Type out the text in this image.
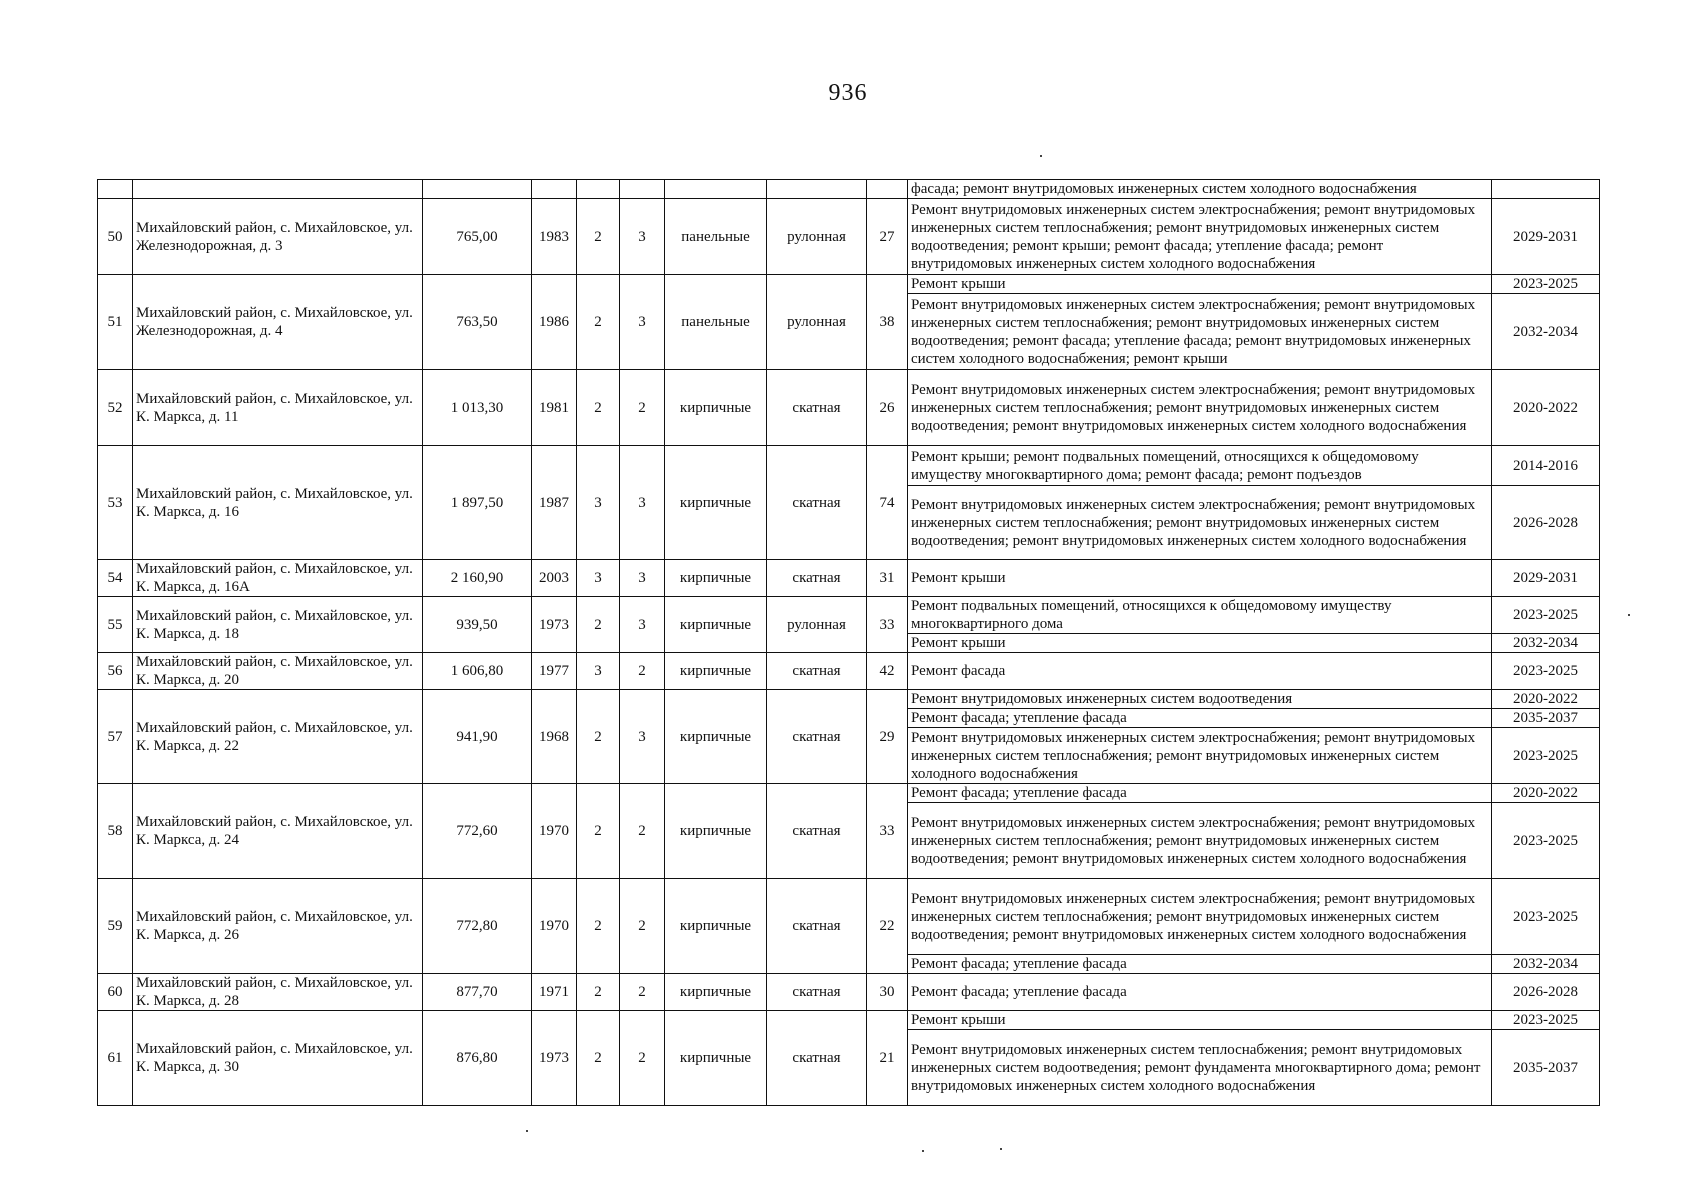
936
									фасада; ремонт внутридомовых инженерных систем холодного водоснабжения	
50	Михайловский район, с. Михайловское, ул. Железнодорожная, д. 3	765,00	1983	2	3	панельные	рулонная	27	Ремонт внутридомовых инженерных систем электроснабжения; ремонт внутридомовых инженерных систем теплоснабжения; ремонт внутридомовых инженерных систем водоотведения; ремонт крыши; ремонт фасада; утепление фасада; ремонт внутридомовых инженерных систем холодного водоснабжения	2029-2031
51	Михайловский район, с. Михайловское, ул. Железнодорожная, д. 4	763,50	1986	2	3	панельные	рулонная	38	Ремонт крыши	2023-2025
									Ремонт внутридомовых инженерных систем электроснабжения; ремонт внутридомовых инженерных систем теплоснабжения; ремонт внутридомовых инженерных систем водоотведения; ремонт фасада; утепление фасада; ремонт внутридомовых инженерных систем холодного водоснабжения; ремонт крыши	2032-2034
52	Михайловский район, с. Михайловское, ул. К. Маркса, д. 11	1 013,30	1981	2	2	кирпичные	скатная	26	Ремонт внутридомовых инженерных систем электроснабжения; ремонт внутридомовых инженерных систем теплоснабжения; ремонт внутридомовых инженерных систем водоотведения; ремонт внутридомовых инженерных систем холодного водоснабжения	2020-2022
53	Михайловский район, с. Михайловское, ул. К. Маркса, д. 16	1 897,50	1987	3	3	кирпичные	скатная	74	Ремонт крыши; ремонт подвальных помещений, относящихся к общедомовому имуществу многоквартирного дома; ремонт фасада; ремонт подъездов	2014-2016
									Ремонт внутридомовых инженерных систем электроснабжения; ремонт внутридомовых инженерных систем теплоснабжения; ремонт внутридомовых инженерных систем водоотведения; ремонт внутридомовых инженерных систем холодного водоснабжения	2026-2028
54	Михайловский район, с. Михайловское, ул. К. Маркса, д. 16А	2 160,90	2003	3	3	кирпичные	скатная	31	Ремонт крыши	2029-2031
55	Михайловский район, с. Михайловское, ул. К. Маркса, д. 18	939,50	1973	2	3	кирпичные	рулонная	33	Ремонт подвальных помещений, относящихся к общедомовому имуществу многоквартирного дома	2023-2025
									Ремонт крыши	2032-2034
56	Михайловский район, с. Михайловское, ул. К. Маркса, д. 20	1 606,80	1977	3	2	кирпичные	скатная	42	Ремонт фасада	2023-2025
57	Михайловский район, с. Михайловское, ул. К. Маркса, д. 22	941,90	1968	2	3	кирпичные	скатная	29	Ремонт внутридомовых инженерных систем водоотведения	2020-2022
									Ремонт фасада; утепление фасада	2035-2037
									Ремонт внутридомовых инженерных систем электроснабжения; ремонт внутридомовых инженерных систем теплоснабжения; ремонт внутридомовых инженерных систем холодного водоснабжения	2023-2025
58	Михайловский район, с. Михайловское, ул. К. Маркса, д. 24	772,60	1970	2	2	кирпичные	скатная	33	Ремонт фасада; утепление фасада	2020-2022
									Ремонт внутридомовых инженерных систем электроснабжения; ремонт внутридомовых инженерных систем теплоснабжения; ремонт внутридомовых инженерных систем водоотведения; ремонт внутридомовых инженерных систем холодного водоснабжения	2023-2025
59	Михайловский район, с. Михайловское, ул. К. Маркса, д. 26	772,80	1970	2	2	кирпичные	скатная	22	Ремонт внутридомовых инженерных систем электроснабжения; ремонт внутридомовых инженерных систем теплоснабжения; ремонт внутридомовых инженерных систем водоотведения; ремонт внутридомовых инженерных систем холодного водоснабжения	2023-2025
									Ремонт фасада; утепление фасада	2032-2034
60	Михайловский район, с. Михайловское, ул. К. Маркса, д. 28	877,70	1971	2	2	кирпичные	скатная	30	Ремонт фасада; утепление фасада	2026-2028
61	Михайловский район, с. Михайловское, ул. К. Маркса, д. 30	876,80	1973	2	2	кирпичные	скатная	21	Ремонт крыши	2023-2025
									Ремонт внутридомовых инженерных систем теплоснабжения; ремонт внутридомовых инженерных систем водоотведения; ремонт фундамента многоквартирного дома; ремонт внутридомовых инженерных систем холодного водоснабжения	2035-2037
